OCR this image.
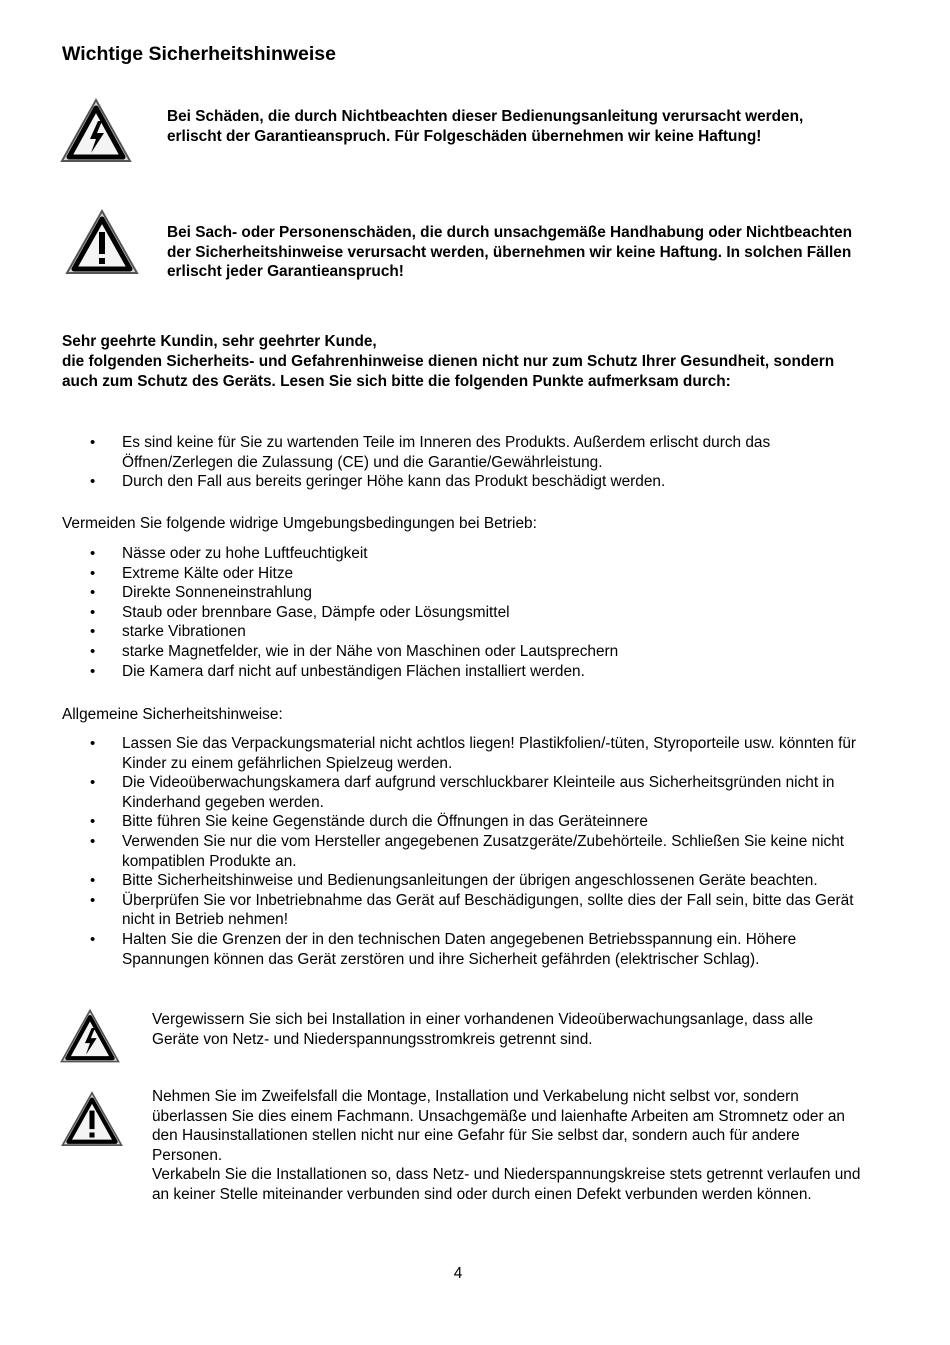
Wichtige Sicherheitshinweise
Bei Schäden, die durch Nichtbeachten dieser Bedienungsanleitung verursacht werden, erlischt der Garantieanspruch. Für Folgeschäden übernehmen wir keine Haftung!
Bei Sach- oder Personenschäden, die durch unsachgemäße Handhabung oder Nichtbeachten der Sicherheitshinweise verursacht werden, übernehmen wir keine Haftung. In solchen Fällen erlischt jeder Garantieanspruch!
Sehr geehrte Kundin, sehr geehrter Kunde,
die folgenden Sicherheits- und Gefahrenhinweise dienen nicht nur zum Schutz Ihrer Gesundheit, sondern auch zum Schutz des Geräts. Lesen Sie sich bitte die folgenden Punkte aufmerksam durch:
• Es sind keine für Sie zu wartenden Teile im Inneren des Produkts. Außerdem erlischt durch das Öffnen/Zerlegen die Zulassung (CE) und die Garantie/Gewährleistung.
• Durch den Fall aus bereits geringer Höhe kann das Produkt beschädigt werden.
Vermeiden Sie folgende widrige Umgebungsbedingungen bei Betrieb:
• Nässe oder zu hohe Luftfeuchtigkeit
• Extreme Kälte oder Hitze
• Direkte Sonneneinstrahlung
• Staub oder brennbare Gase, Dämpfe oder Lösungsmittel
• starke Vibrationen
• starke Magnetfelder, wie in der Nähe von Maschinen oder Lautsprechern
• Die Kamera darf nicht auf unbeständigen Flächen installiert werden.
Allgemeine Sicherheitshinweise:
• Lassen Sie das Verpackungsmaterial nicht achtlos liegen! Plastikfolien/-tüten, Styroporteile usw. könnten für Kinder zu einem gefährlichen Spielzeug werden.
• Die Videoüberwachungskamera darf aufgrund verschluckbarer Kleinteile aus Sicherheitsgründen nicht in Kinderhand gegeben werden.
• Bitte führen Sie keine Gegenstände durch die Öffnungen in das Geräteinnere
• Verwenden Sie nur die vom Hersteller angegebenen Zusatzgeräte/Zubehörteile. Schließen Sie keine nicht kompatiblen Produkte an.
• Bitte Sicherheitshinweise und Bedienungsanleitungen der übrigen angeschlossenen Geräte beachten.
• Überprüfen Sie vor Inbetriebnahme das Gerät auf Beschädigungen, sollte dies der Fall sein, bitte das Gerät nicht in Betrieb nehmen!
• Halten Sie die Grenzen der in den technischen Daten angegebenen Betriebsspannung ein. Höhere Spannungen können das Gerät zerstören und ihre Sicherheit gefährden (elektrischer Schlag).
Vergewissern Sie sich bei Installation in einer vorhandenen Videoüberwachungsanlage, dass alle Geräte von Netz- und Niederspannungsstromkreis getrennt sind.
Nehmen Sie im Zweifelsfall die Montage, Installation und Verkabelung nicht selbst vor, sondern überlassen Sie dies einem Fachmann. Unsachgemäße und laienhafte Arbeiten am Stromnetz oder an den Hausinstallationen stellen nicht nur eine Gefahr für Sie selbst dar, sondern auch für andere Personen.
Verkabeln Sie die Installationen so, dass Netz- und Niederspannungskreise stets getrennt verlaufen und an keiner Stelle miteinander verbunden sind oder durch einen Defekt verbunden werden können.
4
